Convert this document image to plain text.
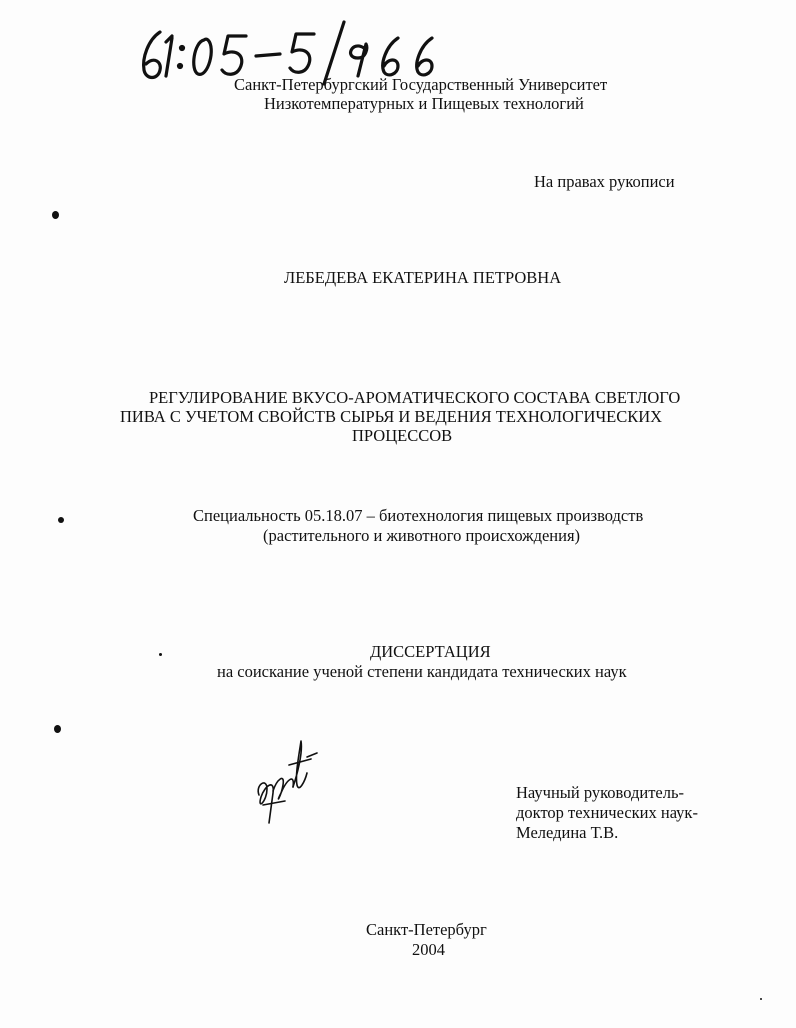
Санкт-Петербургский Государственный Университет
Низкотемпературных и Пищевых технологий
На правах рукописи
ЛЕБЕДЕВА ЕКАТЕРИНА ПЕТРОВНА
РЕГУЛИРОВАНИЕ ВКУСО-АРОМАТИЧЕСКОГО СОСТАВА СВЕТЛОГО
ПИВА С УЧЕТОМ СВОЙСТВ СЫРЬЯ И ВЕДЕНИЯ ТЕХНОЛОГИЧЕСКИХ
ПРОЦЕССОВ
Специальность 05.18.07 – биотехнология пищевых производств
(растительного и животного происхождения)
ДИССЕРТАЦИЯ
на соискание ученой степени кандидата технических наук
Научный руководитель-
доктор технических наук-
Меледина Т.В.
Санкт-Петербург
2004
